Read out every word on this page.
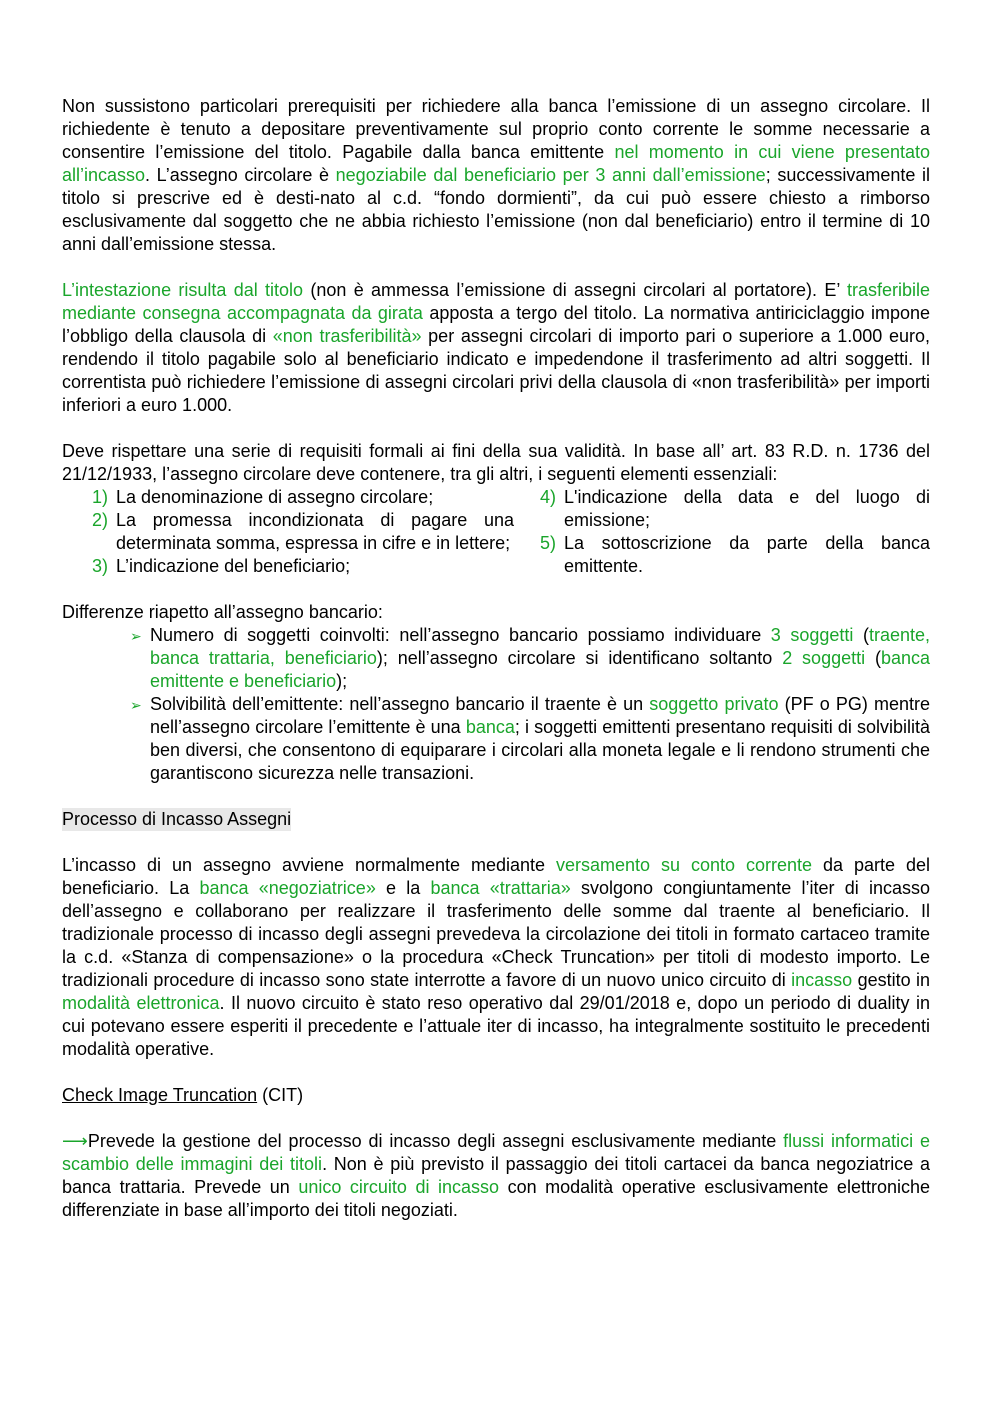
Non sussistono particolari prerequisiti per richiedere alla banca l’emissione di un assegno circolare. Il richiedente è tenuto a depositare preventivamente sul proprio conto corrente le somme necessarie a consentire l’emissione del titolo. Pagabile dalla banca emittente nel momento in cui viene presentato all’incasso. L’assegno circolare è negoziabile dal beneficiario per 3 anni dall’emissione; successivamente il titolo si prescrive ed è desti-nato al c.d. “fondo dormienti”, da cui può essere chiesto a rimborso esclusivamente dal soggetto che ne abbia richiesto l’emissione (non dal beneficiario) entro il termine di 10 anni dall’emissione stessa.

L’intestazione risulta dal titolo (non è ammessa l’emissione di assegni circolari al portatore). E’ trasferibile mediante consegna accompagnata da girata apposta a tergo del titolo. La normativa antiriciclaggio impone l’obbligo della clausola di «non trasferibilità» per assegni circolari di importo pari o superiore a 1.000 euro, rendendo il titolo pagabile solo al beneficiario indicato e impedendone il trasferimento ad altri soggetti. Il correntista può richiedere l’emissione di assegni circolari privi della clausola di «non trasferibilità» per importi inferiori a euro 1.000.

Deve rispettare una serie di requisiti formali ai fini della sua validità. In base all’ art. 83 R.D. n. 1736 del 21/12/1933, l’assegno circolare deve contenere, tra gli altri, i seguenti elementi essenziali:

1) La denominazione di assegno circolare;
2) La promessa incondizionata di pagare una determinata somma, espressa in cifre e in lettere;
3) L’indicazione del beneficiario;
4) L'indicazione della data e del luogo di emissione;
5) La sottoscrizione da parte della banca emittente.

Differenze riapetto all’assegno bancario:

➢ Numero di soggetti coinvolti: nell’assegno bancario possiamo individuare 3 soggetti (traente, banca trattaria, beneficiario); nell’assegno circolare si identificano soltanto 2 soggetti (banca emittente e beneficiario);
➢ Solvibilità dell’emittente: nell’assegno bancario il traente è un soggetto privato (PF o PG) mentre nell’assegno circolare l’emittente è una banca; i soggetti emittenti presentano requisiti di solvibilità ben diversi, che consentono di equiparare i circolari alla moneta legale e li rendono strumenti che garantiscono sicurezza nelle transazioni.
Processo di Incasso Assegni

L’incasso di un assegno avviene normalmente mediante versamento su conto corrente da parte del beneficiario. La banca «negoziatrice» e la banca «trattaria» svolgono congiuntamente l’iter di incasso dell’assegno e collaborano per realizzare il trasferimento delle somme dal traente al beneficiario. Il tradizionale processo di incasso degli assegni prevedeva la circolazione dei titoli in formato cartaceo tramite la c.d. «Stanza di compensazione» o la procedura «Check Truncation» per titoli di modesto importo. Le tradizionali procedure di incasso sono state interrotte a favore di un nuovo unico circuito di incasso gestito in modalità elettronica. Il nuovo circuito è stato reso operativo dal 29/01/2018 e, dopo un periodo di duality in cui potevano essere esperiti il precedente e l’attuale iter di incasso, ha integralmente sostituito le precedenti modalità operative.

Check Image Truncation (CIT)

⟶Prevede la gestione del processo di incasso degli assegni esclusivamente mediante flussi informatici e scambio delle immagini dei titoli. Non è più previsto il passaggio dei titoli cartacei da banca negoziatrice a banca trattaria. Prevede un unico circuito di incasso con modalità operative esclusivamente elettroniche differenziate in base all’importo dei titoli negoziati.
